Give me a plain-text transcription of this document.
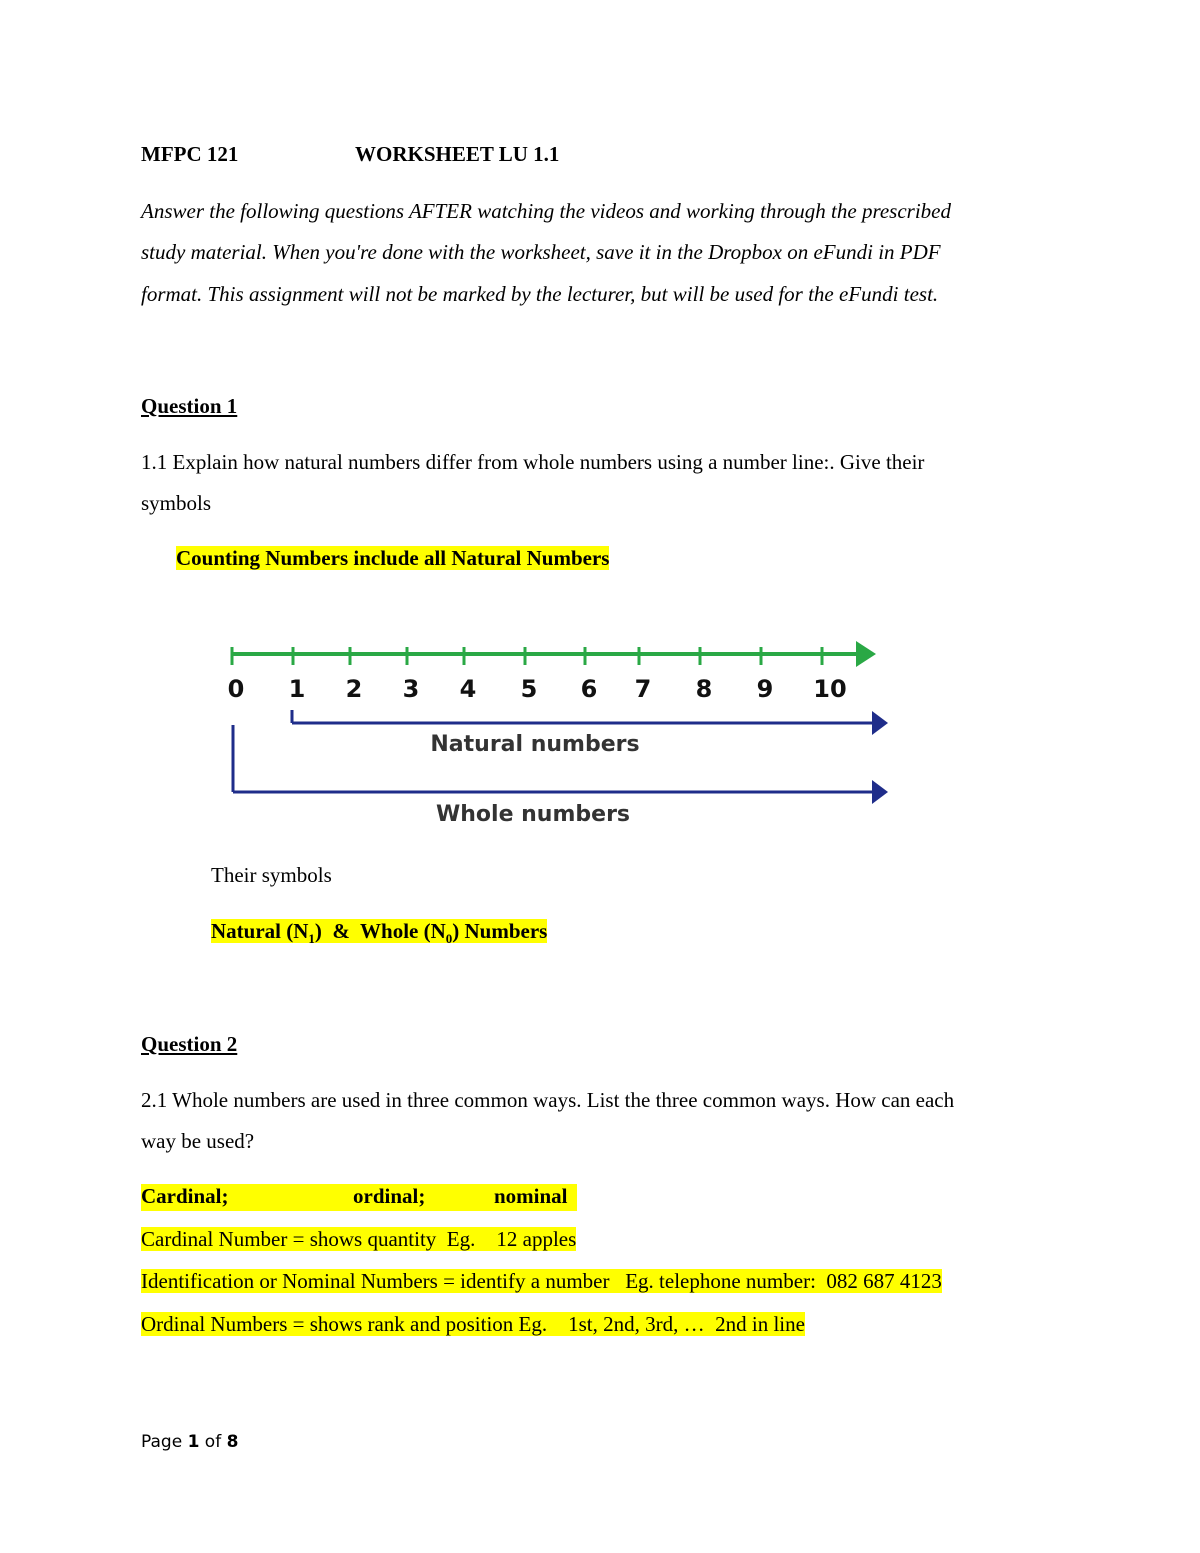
MFPC 121	WORKSHEET LU 1.1
Answer the following questions AFTER watching the videos and working through the prescribed
study material. When you're done with the worksheet, save it in the Dropbox on eFundi in PDF
format. This assignment will not be marked by the lecturer, but will be used for the eFundi test.
Question 1
1.1 Explain how natural numbers differ from whole numbers using a number line:. Give their
symbols
Counting Numbers include all Natural Numbers
0 1 2 3 4 5 6 7 8 9 10
Natural numbers
Whole numbers
Their symbols
Natural $(N_1)$  &  Whole $(N_0)$ Numbers
Question 2
2.1 Whole numbers are used in three common ways. List the three common ways. How can each
way be used?
Cardinal;	ordinal;	nominal
Cardinal Number = shows quantity  Eg.    12 apples
Identification or Nominal Numbers = identify a number   Eg. telephone number:  082 687 4123
Ordinal Numbers = shows rank and position Eg.    1st, 2nd, 3rd, …  2nd in line
Page 1 of 8
